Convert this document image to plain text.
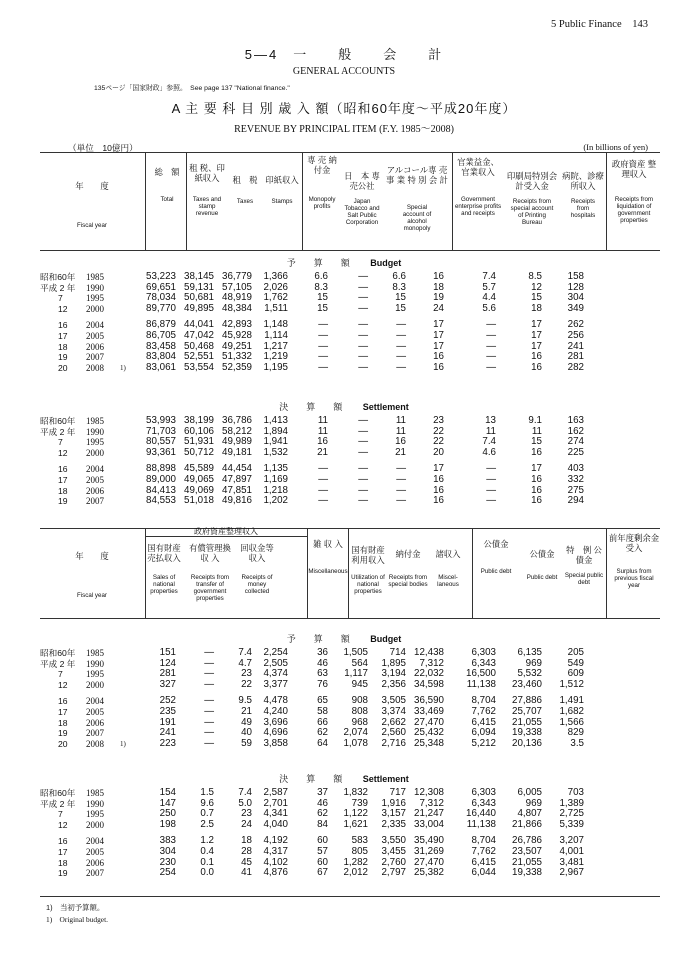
5 Public Finance 143
5―4　一　　般　　会　　計
GENERAL ACCOUNTS
135ページ「国家財政」参照。　See page 137 "National finance."
A 主 要 科 目 別 歳 入 額（昭和60年度～平成20年度）
REVENUE BY PRINCIPAL ITEM (F.Y. 1985～2008)
（単位　10億円）	(In billions of yen)
年　　度
Fiscal year
総　額
Total
租 税、印紙収入
Taxes and stamp revenue
租　税
Taxes
印紙収入
Stamps
専 売 納付金
Monopoly profits
日　本 専売公社
Japan Tobacco and Salt Public Corporation
アルコール専 売 事 業 特 別 会 計
Special account of alcohol monopoly
官業益金、官業収入
Government enterprise profits and receipts
印刷局特別会計受入金
Receipts from special account of Printing Bureau
病院、診療所収入
Receipts from hospitals
政府資産 整理収入
Receipts from liquidation of government properties
予　　算　　額 Budget
決　　算　　額 Settlement
昭和60年	1985		53,223	38,145	36,779	1,366	6.6	―	6.6	16	7.4	8.5	158
平成 2 年	1990		69,651	59,131	57,105	2,026	8.3	―	8.3	18	5.7	12	128
7	1995		78,034	50,681	48,919	1,762	15	―	15	19	4.4	15	304
12	2000		89,770	49,895	48,384	1,511	15	―	15	24	5.6	18	349

16	2004		86,879	44,041	42,893	1,148	―	―	―	17	―	17	262
17	2005		86,705	47,042	45,928	1,114	―	―	―	17	―	17	256
18	2006		83,458	50,468	49,251	1,217	―	―	―	17	―	17	241
19	2007		83,804	52,551	51,332	1,219	―	―	―	16	―	16	281
20	2008	1)	83,061	53,554	52,359	1,195	―	―	―	16	―	16	282
昭和60年	1985		53,993	38,199	36,786	1,413	11	―	11	23	13	9.1	163
平成 2 年	1990		71,703	60,106	58,212	1,894	11	―	11	22	11	11	162
7	1995		80,557	51,931	49,989	1,941	16	―	16	22	7.4	15	274
12	2000		93,361	50,712	49,181	1,532	21	―	21	20	4.6	16	225

16	2004		88,898	45,589	44,454	1,135	―	―	―	17	―	17	403
17	2005		89,000	49,065	47,897	1,169	―	―	―	16	―	16	332
18	2006		84,413	49,069	47,851	1,218	―	―	―	16	―	16	275
19	2007		84,553	51,018	49,816	1,202	―	―	―	16	―	16	294
政府資産整理収入
年　　度
Fiscal year
国有財産売払収入
Sales of national properties
有償管理換 収 入
Receipts from transfer of government properties
回収金等収入
Receipts of money collected
雑 収 入
Miscellaneous
国有財産利用収入
Utilization of national properties
納付金
Receipts from special bodies
諸収入
Miscel- laneous
公債金
Public debt
公債金
Public debt
特　例 公債金
Special public debt
前年度剰余金受入
Surplus from previous fiscal year
予　　算　　額 Budget
決　　算　　額 Settlement
昭和60年	1985		151	―	7.4	2,254	36	1,505	714	12,438	6,303	6,135	205
平成 2 年	1990		124	―	4.7	2,505	46	564	1,895	7,312	6,343	969	549
7	1995		281	―	23	4,374	63	1,117	3,194	22,032	16,500	5,532	609
12	2000		327	―	22	3,377	76	945	2,356	34,598	11,138	23,460	1,512

16	2004		252	―	9.5	4,478	65	908	3,505	36,590	8,704	27,886	1,491
17	2005		235	―	21	4,240	58	808	3,374	33,469	7,762	25,707	1,682
18	2006		191	―	49	3,696	66	968	2,662	27,470	6,415	21,055	1,566
19	2007		241	―	40	4,696	62	2,074	2,560	25,432	6,094	19,338	829
20	2008	1)	223	―	59	3,858	64	1,078	2,716	25,348	5,212	20,136	3.5
昭和60年	1985		154	1.5	7.4	2,587	37	1,832	717	12,308	6,303	6,005	703
平成 2 年	1990		147	9.6	5.0	2,701	46	739	1,916	7,312	6,343	969	1,389
7	1995		250	0.7	23	4,341	62	1,122	3,157	21,247	16,440	4,807	2,725
12	2000		198	2.5	24	4,040	84	1,621	2,335	33,004	11,138	21,866	5,339

16	2004		383	1.2	18	4,192	60	583	3,550	35,490	8,704	26,786	3,207
17	2005		304	0.4	28	4,317	57	805	3,455	31,269	7,762	23,507	4,001
18	2006		230	0.1	45	4,102	60	1,282	2,760	27,470	6,415	21,055	3,481
19	2007		254	0.0	41	4,876	67	2,012	2,797	25,382	6,044	19,338	2,967
1)　当初予算額。
1)　Original budget.
